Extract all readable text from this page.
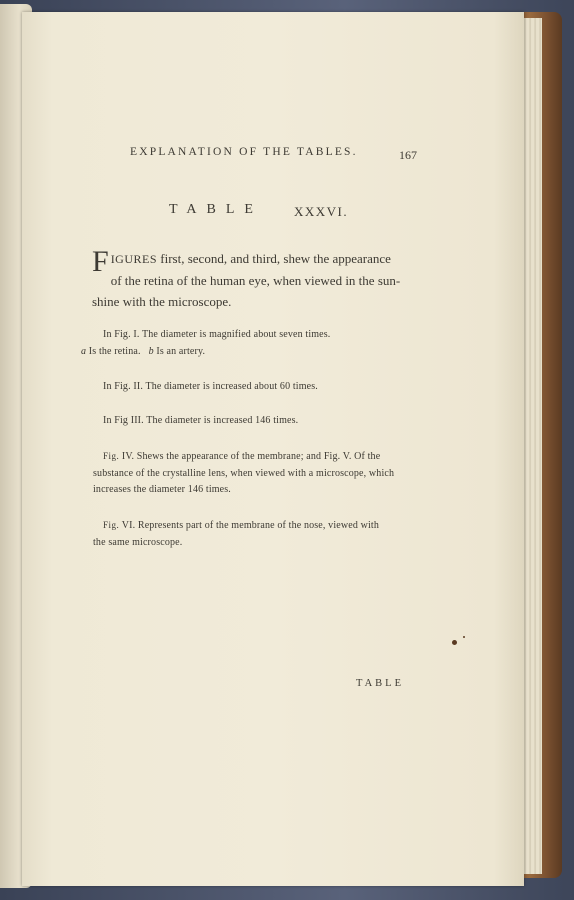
EXPLANATION OF THE TABLES.	167
TABLE XXXVI.
F IGURES first, second, and third, shew the appearance
of the retina of the human eye, when viewed in the sun-
shine with the microscope.
In Fig. I. The diameter is magnified about seven times.
a Is the retina. b Is an artery.
In Fig. II. The diameter is increased about 60 times.
In Fig III. The diameter is increased 146 times.
Fig. IV. Shews the appearance of the membrane; and Fig. V. Of the
substance of the crystalline lens, when viewed with a microscope, which
increases the diameter 146 times.
Fig. VI. Represents part of the membrane of the nose, viewed with
the same microscope.
TABLE
